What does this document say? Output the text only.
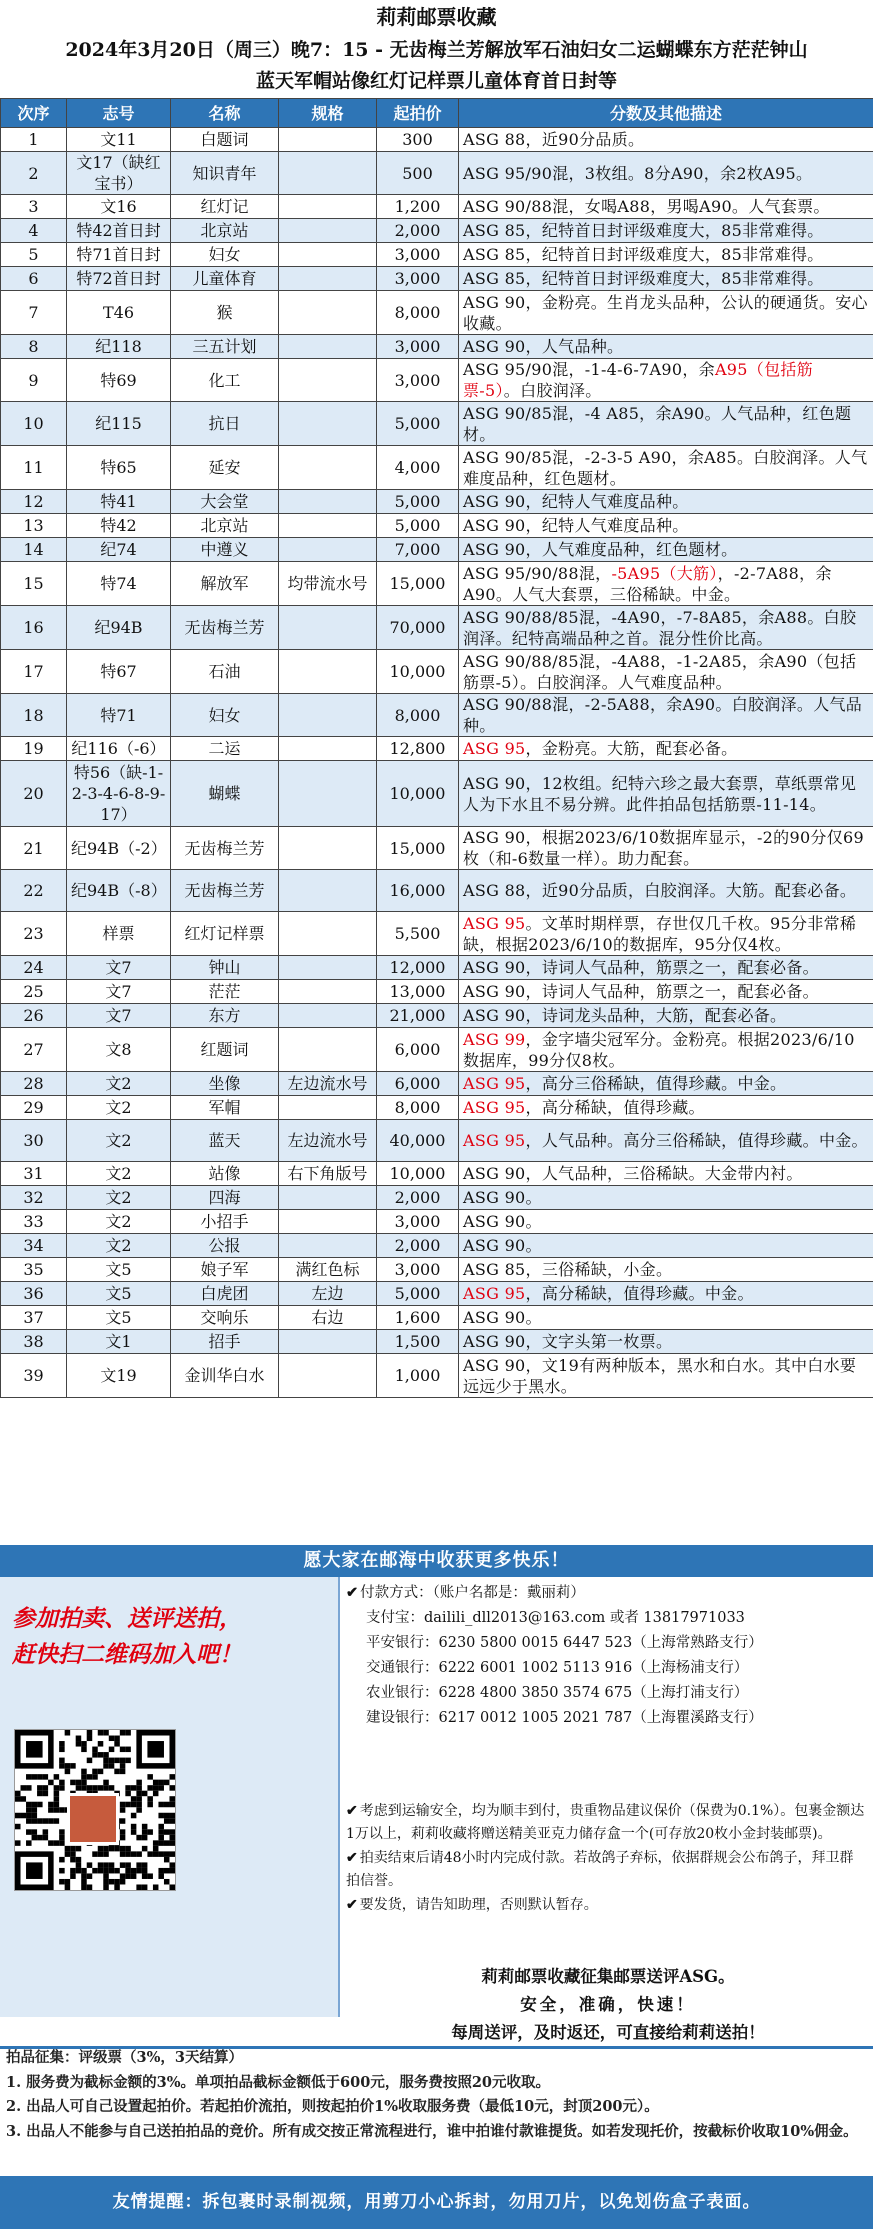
莉莉邮票收藏
2024年3月20日（周三）晚7：15 - 无齿梅兰芳解放军石油妇女二运蝴蝶东方茫茫钟山
蓝天军帽站像红灯记样票儿童体育首日封等
次序	志号	名称	规格	起拍价	分数及其他描述
1	文11	白题词		300	ASG 88，近90分品质。
2	文17（缺红宝书）	知识青年		500	ASG 95/90混，3枚组。8分A90，余2枚A95。
3	文16	红灯记		1,200	ASG 90/88混，女喝A88，男喝A90。人气套票。
4	特42首日封	北京站		2,000	ASG 85，纪特首日封评级难度大，85非常难得。
5	特71首日封	妇女		3,000	ASG 85，纪特首日封评级难度大，85非常难得。
6	特72首日封	儿童体育		3,000	ASG 85，纪特首日封评级难度大，85非常难得。
7	T46	猴		8,000	ASG 90，金粉亮。生肖龙头品种，公认的硬通货。安心收藏。
8	纪118	三五计划		3,000	ASG 90，人气品种。
9	特69	化工		3,000	ASG 95/90混，-1-4-6-7A90，余A95（包括筋票-5）。白胶润泽。
10	纪115	抗日		5,000	ASG 90/85混，-4 A85，余A90。人气品种，红色题材。
11	特65	延安		4,000	ASG 90/85混，-2-3-5 A90，余A85。白胶润泽。人气难度品种，红色题材。
12	特41	大会堂		5,000	ASG 90，纪特人气难度品种。
13	特42	北京站		5,000	ASG 90，纪特人气难度品种。
14	纪74	中遵义		7,000	ASG 90，人气难度品种，红色题材。
15	特74	解放军	均带流水号	15,000	ASG 95/90/88混，-5A95（大筋），-2-7A88，余A90。人气大套票，三俗稀缺。中金。
16	纪94B	无齿梅兰芳		70,000	ASG 90/88/85混，-4A90，-7-8A85，余A88。白胶润泽。纪特高端品种之首。混分性价比高。
17	特67	石油		10,000	ASG 90/88/85混，-4A88，-1-2A85，余A90（包括筋票-5）。白胶润泽。人气难度品种。
18	特71	妇女		8,000	ASG 90/88混，-2-5A88，余A90。白胶润泽。人气品种。
19	纪116（-6）	二运		12,800	ASG 95，金粉亮。大筋，配套必备。
20	特56（缺-1-2-3-4-6-8-9-17）	蝴蝶		10,000	ASG 90，12枚组。纪特六珍之最大套票，草纸票常见人为下水且不易分辨。此件拍品包括筋票-11-14。
21	纪94B（-2）	无齿梅兰芳		15,000	ASG 90，根据2023/6/10数据库显示，-2的90分仅69枚（和-6数量一样）。助力配套。
22	纪94B（-8）	无齿梅兰芳		16,000	ASG 88，近90分品质，白胶润泽。大筋。配套必备。
23	样票	红灯记样票		5,500	ASG 95。文革时期样票，存世仅几千枚。95分非常稀缺，根据2023/6/10的数据库，95分仅4枚。
24	文7	钟山		12,000	ASG 90，诗词人气品种，筋票之一，配套必备。
25	文7	茫茫		13,000	ASG 90，诗词人气品种，筋票之一，配套必备。
26	文7	东方		21,000	ASG 90，诗词龙头品种，大筋，配套必备。
27	文8	红题词		6,000	ASG 99，金字墙尖冠军分。金粉亮。根据2023/6/10数据库，99分仅8枚。
28	文2	坐像	左边流水号	6,000	ASG 95，高分三俗稀缺，值得珍藏。中金。
29	文2	军帽		8,000	ASG 95，高分稀缺，值得珍藏。
30	文2	蓝天	左边流水号	40,000	ASG 95，人气品种。高分三俗稀缺，值得珍藏。中金。
31	文2	站像	右下角版号	10,000	ASG 90，人气品种，三俗稀缺。大金带内衬。
32	文2	四海		2,000	ASG 90。
33	文2	小招手		3,000	ASG 90。
34	文2	公报		2,000	ASG 90。
35	文5	娘子军	满红色标	3,000	ASG 85，三俗稀缺，小金。
36	文5	白虎团	左边	5,000	ASG 95，高分稀缺，值得珍藏。中金。
37	文5	交响乐	右边	1,600	ASG 90。
38	文1	招手		1,500	ASG 90，文字头第一枚票。
39	文19	金训华白水		1,000	ASG 90，文19有两种版本，黑水和白水。其中白水要远远少于黑水。
愿大家在邮海中收获更多快乐！
参加拍卖、送评送拍，
赶快扫二维码加入吧！
✔ 付款方式：（账户名都是：戴丽莉）
支付宝：dailili_dll2013@163.com 或者 13817971033
平安银行：6230 5800 0015 6447 523（上海常熟路支行）
交通银行：6222 6001 1002 5113 916（上海杨浦支行）
农业银行：6228 4800 3850 3574 675（上海打浦支行）
建设银行：6217 0012 1005 2021 787（上海瞿溪路支行）
✔ 考虑到运输安全，均为顺丰到付，贵重物品建议保价（保费为0.1%）。包裹金额达1万以上，莉莉收藏将赠送精美亚克力储存盒一个(可存放20枚小金封装邮票)。
✔ 拍卖结束后请48小时内完成付款。若故鸽子弃标，依据群规会公布鸽子，拜卫群拍信誉。
✔ 要发货，请告知助理，否则默认暂存。
莉莉邮票收藏征集邮票送评ASG。
安全，准确，快速！
每周送评，及时返还，可直接给莉莉送拍！
拍品征集：评级票（3%，3天结算）
1. 服务费为截标金额的3%。单项拍品截标金额低于600元，服务费按照20元收取。
2. 出品人可自己设置起拍价。若起拍价流拍，则按起拍价1%收取服务费（最低10元，封顶200元）。
3. 出品人不能参与自己送拍拍品的竞价。所有成交按正常流程进行，谁中拍谁付款谁提货。如若发现托价，按截标价收取10%佣金。
友情提醒：拆包裹时录制视频，用剪刀小心拆封，勿用刀片，以免划伤盒子表面。
